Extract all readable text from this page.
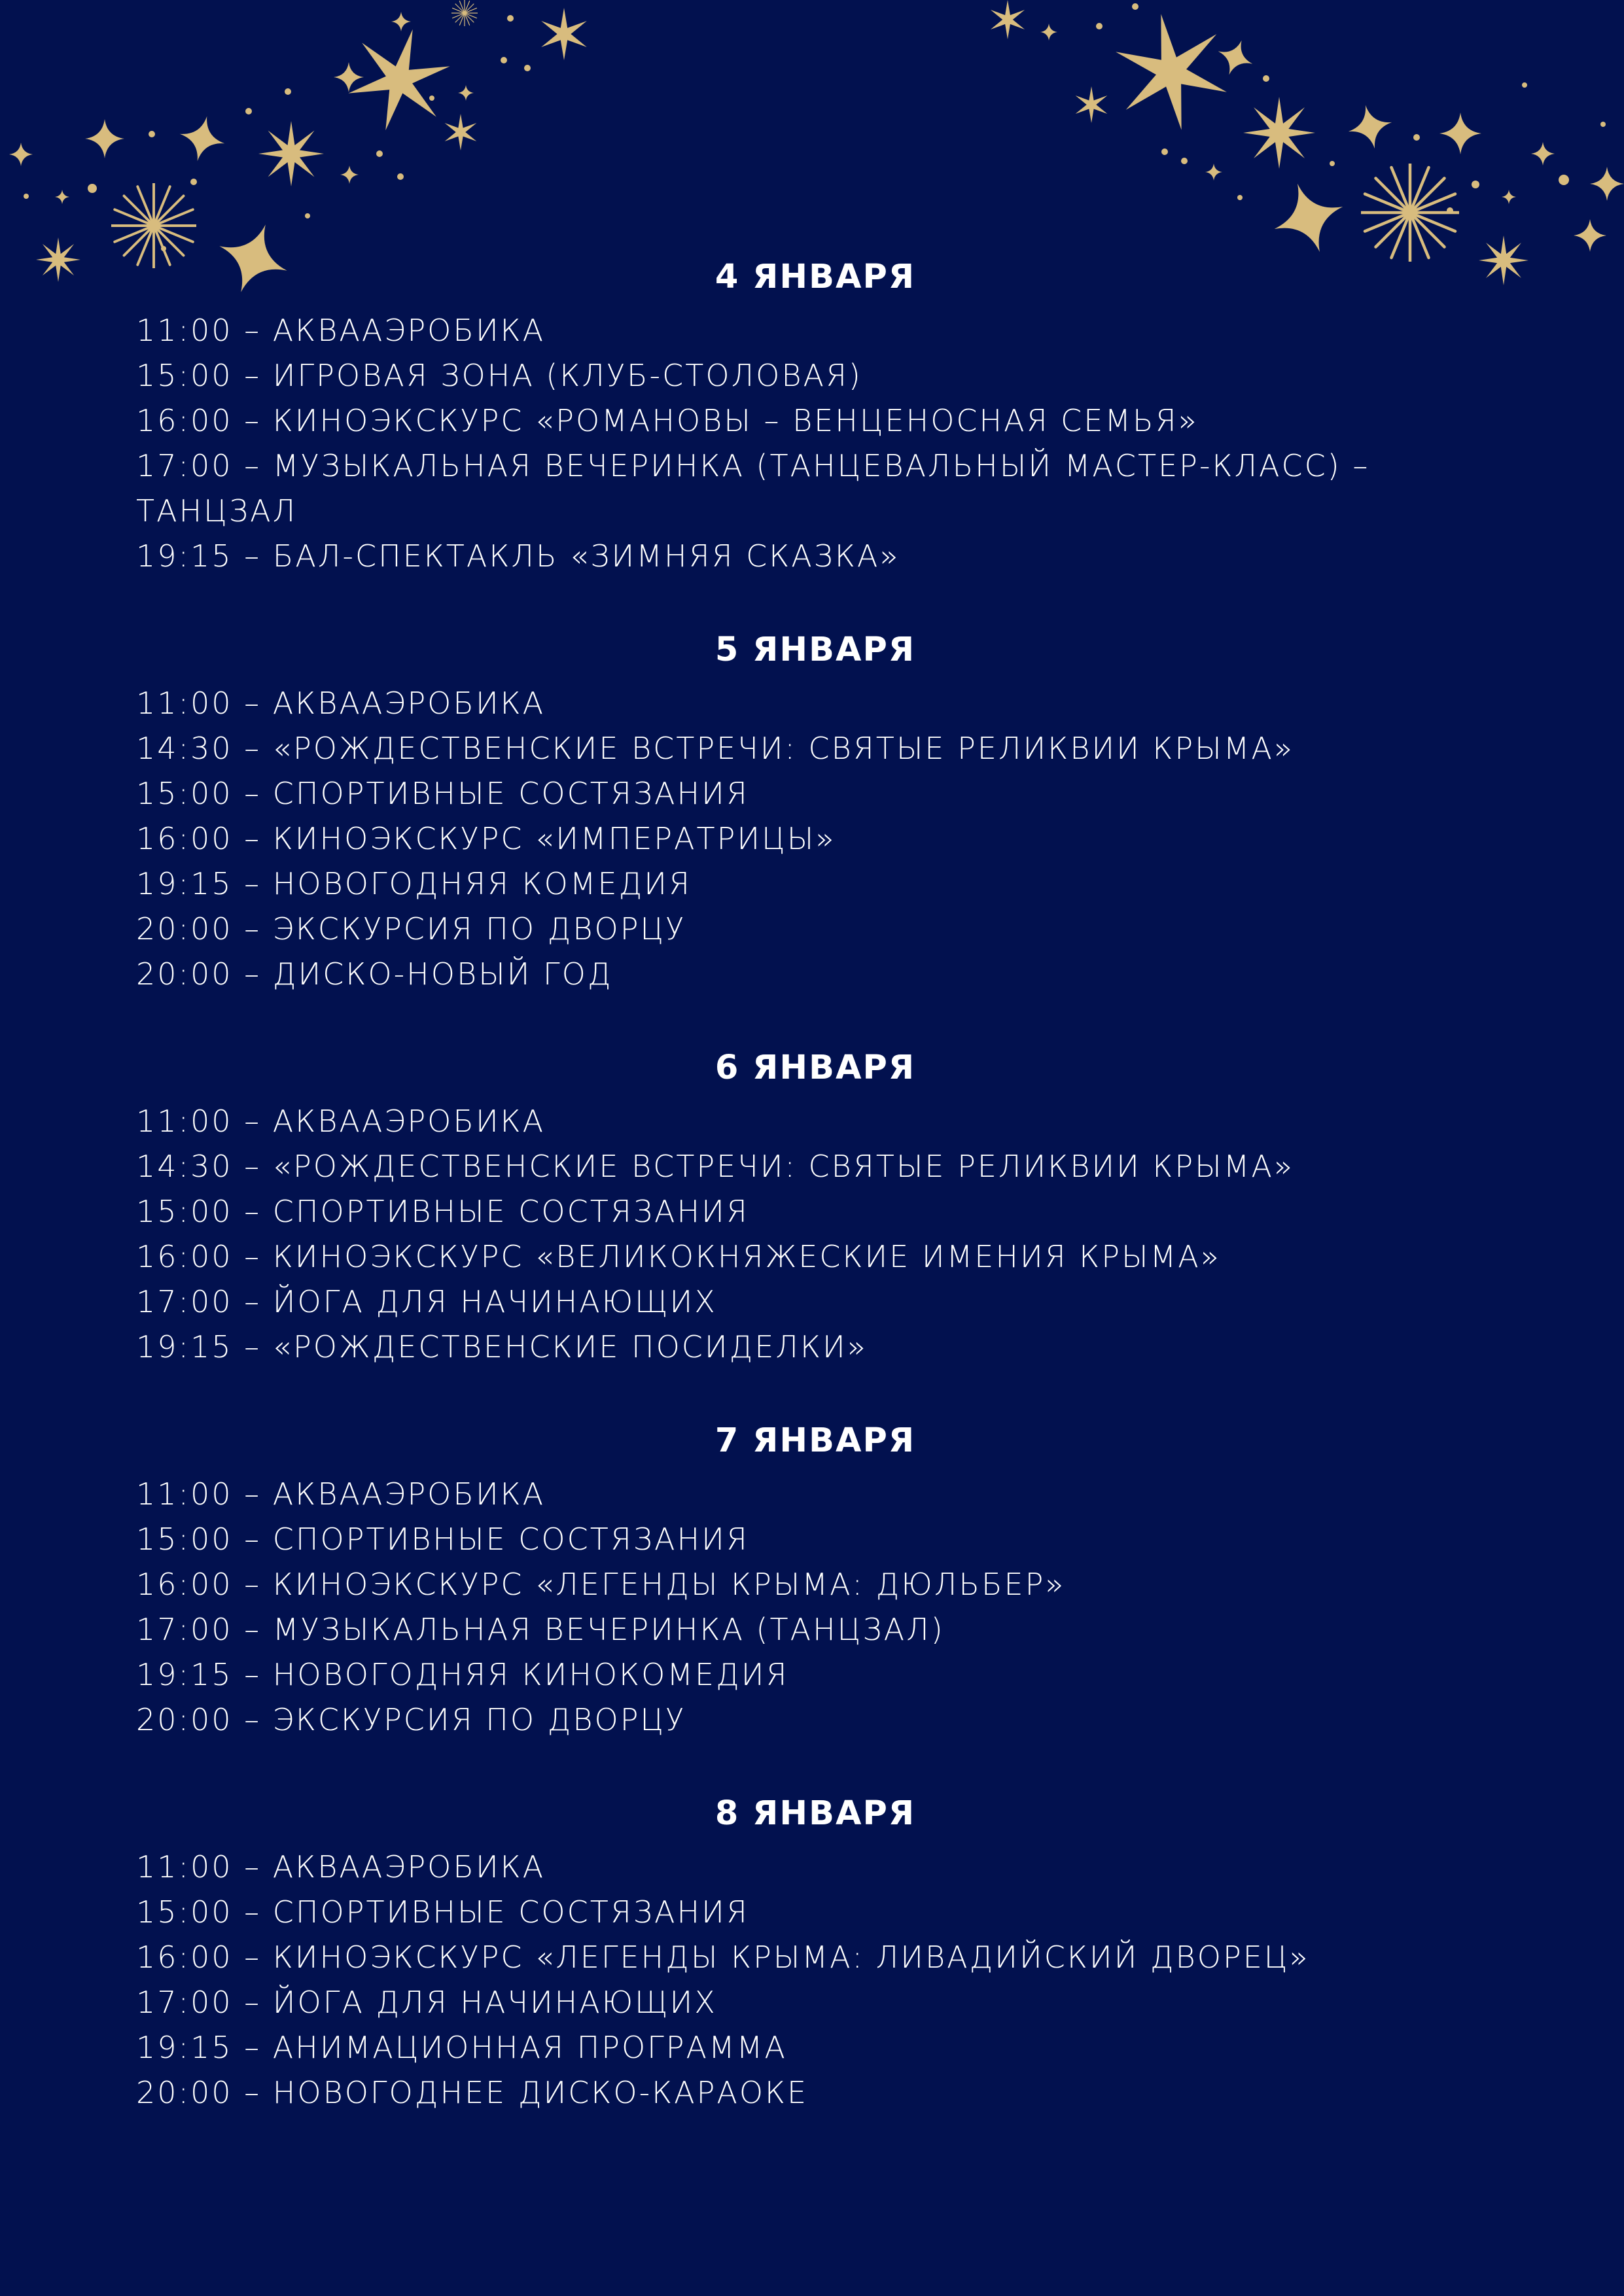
4 ЯНВАРЯ
11:00 – АКВААЭРОБИКА
15:00 – ИГРОВАЯ ЗОНА (КЛУБ-СТОЛОВАЯ)
16:00 – КИНОЭКСКУРС «РОМАНОВЫ – ВЕНЦЕНОСНАЯ СЕМЬЯ»
17:00 – МУЗЫКАЛЬНАЯ ВЕЧЕРИНКА (ТАНЦЕВАЛЬНЫЙ МАСТЕР-КЛАСС) – ТАНЦЗАЛ
19:15 – БАЛ-СПЕКТАКЛЬ «ЗИМНЯЯ СКАЗКА»
5 ЯНВАРЯ
11:00 – АКВААЭРОБИКА
14:30 – «РОЖДЕСТВЕНСКИЕ ВСТРЕЧИ: СВЯТЫЕ РЕЛИКВИИ КРЫМА»
15:00 – СПОРТИВНЫЕ СОСТЯЗАНИЯ
16:00 – КИНОЭКСКУРС «ИМПЕРАТРИЦЫ»
19:15 – НОВОГОДНЯЯ КОМЕДИЯ
20:00 – ЭКСКУРСИЯ ПО ДВОРЦУ
20:00 – ДИСКО-НОВЫЙ ГОД
6 ЯНВАРЯ
11:00 – АКВААЭРОБИКА
14:30 – «РОЖДЕСТВЕНСКИЕ ВСТРЕЧИ: СВЯТЫЕ РЕЛИКВИИ КРЫМА»
15:00 – СПОРТИВНЫЕ СОСТЯЗАНИЯ
16:00 – КИНОЭКСКУРС «ВЕЛИКОКНЯЖЕСКИЕ ИМЕНИЯ КРЫМА»
17:00 – ЙОГА ДЛЯ НАЧИНАЮЩИХ
19:15 – «РОЖДЕСТВЕНСКИЕ ПОСИДЕЛКИ»
7 ЯНВАРЯ
11:00 – АКВААЭРОБИКА
15:00 – СПОРТИВНЫЕ СОСТЯЗАНИЯ
16:00 – КИНОЭКСКУРС «ЛЕГЕНДЫ КРЫМА: ДЮЛЬБЕР»
17:00 – МУЗЫКАЛЬНАЯ ВЕЧЕРИНКА (ТАНЦЗАЛ)
19:15 – НОВОГОДНЯЯ КИНОКОМЕДИЯ
20:00 – ЭКСКУРСИЯ ПО ДВОРЦУ
8 ЯНВАРЯ
11:00 – АКВААЭРОБИКА
15:00 – СПОРТИВНЫЕ СОСТЯЗАНИЯ
16:00 – КИНОЭКСКУРС «ЛЕГЕНДЫ КРЫМА: ЛИВАДИЙСКИЙ ДВОРЕЦ»
17:00 – ЙОГА ДЛЯ НАЧИНАЮЩИХ
19:15 – АНИМАЦИОННАЯ ПРОГРАММА
20:00 – НОВОГОДНЕЕ ДИСКО-КАРАОКЕ
